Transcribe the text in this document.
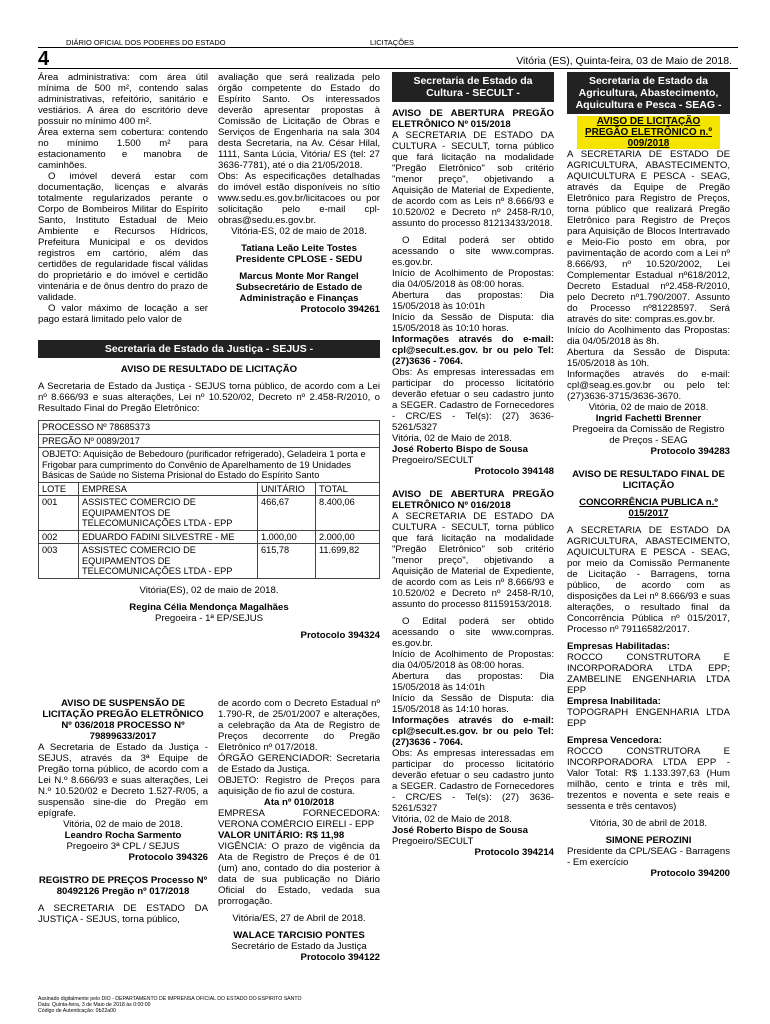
DIÁRIO OFICIAL DOS PODERES DO ESTADO	LICITAÇÕES
4	Vitória (ES), Quinta-feira, 03 de Maio de 2018.

Área administrativa: com área útil mínima de 500 m², contendo salas administrativas, refeitório, sanitário e vestiários. A área do escritório deve possuir no mínimo 400 m².

Área externa sem cobertura: contendo no mínimo 1.500 m² para estacionamento e manobra de caminhões.

O imóvel deverá estar com documentação, licenças e alvarás totalmente regularizados perante o Corpo de Bombeiros Militar do Espírito Santo, Instituto Estadual de Meio Ambiente e Recursos Hídricos, Prefeitura Municipal e os devidos registros em cartório, além das certidões de regularidade fiscal válidas do proprietário e do imóvel e certidão vintenária e de ônus dentro do prazo de validade.

O valor máximo de locação a ser pago estará limitado pelo valor de

avaliação que será realizada pelo órgão competente do Estado do Espírito Santo. Os interessados deverão apresentar propostas à Comissão de Licitação de Obras e Serviços de Engenharia na sala 304 desta Secretaria, na Av. César Hilal, 1111, Santa Lúcia, Vitória/ ES (tel: 27 3636-7781), até o dia 21/05/2018.

Obs: As especificações detalhadas do imóvel estão disponíveis no sítio www.sedu.es.gov.br/licitacoes ou por solicitação pelo e-mail cpl-obras@sedu.es.gov.br.

Vitória-ES, 02 de maio de 2018.

Tatiana Leão Leite Tostes

Presidente CPLOSE - SEDU

Marcus Monte Mor Rangel

Subsecretário de Estado de Administração e Finanças

Protocolo 394261

Secretaria de Estado da Justiça - SEJUS -

AVISO DE RESULTADO DE LICITAÇÃO

A Secretaria de Estado da Justiça - SEJUS torna público, de acordo com a Lei nº 8.666/93 e suas alterações, Lei nº 10.520/02, Decreto nº 2.458-R/2010, o Resultado Final do Pregão Eletrônico:

PROCESSO Nº 78685373			
PREGÃO Nº 0089/2017			
OBJETO: Aquisição de Bebedouro (purificador refrigerado), Geladeira 1 porta e Frigobar para cumprimento do Convênio de Aparelhamento de 19 Unidades Básicas de Saúde no Sistema Prisional do Estado do Espírito Santo			
LOTE	EMPRESA	UNITÁRIO	TOTAL
001	ASSISTEC COMERCIO DE EQUIPAMENTOS DE TELECOMUNICAÇÕES LTDA - EPP	466,67	8.400,06
002	EDUARDO FADINI SILVESTRE - ME	1.000,00	2.000,00
003	ASSISTEC COMERCIO DE EQUIPAMENTOS DE TELECOMUNICAÇÕES LTDA - EPP	615,78	11.699,82

Vitória(ES), 02 de maio de 2018.

Regina Célia Mendonça Magalhães

Pregoeira - 1ª EP/SEJUS

Protocolo 394324

AVISO DE SUSPENSÃO DE LICITAÇÃO PREGÃO ELETRÔNICO Nº 036/2018 PROCESSO Nº 79899633/2017

A Secretaria de Estado da Justiça - SEJUS, através da 3ª Equipe de Pregão torna público, de acordo com a Lei N.º 8.666/93 e suas alterações, Lei N.º 10.520/02 e Decreto 1.527-R/05, a suspensão sine-die do Pregão em epígrafe.

Vitória, 02 de maio de 2018.

Leandro Rocha Sarmento

Pregoeiro 3ª CPL / SEJUS

Protocolo 394326

REGISTRO DE PREÇOS Processo Nº 80492126 Pregão nº 017/2018

A SECRETARIA DE ESTADO DA JUSTIÇA - SEJUS, torna público,

de acordo com o Decreto Estadual nº 1.790-R, de 25/01/2007 e alterações, a celebração da Ata de Registro de Preços decorrente do Pregão Eletrônico nº 017/2018.

ÓRGÃO GERENCIADOR: Secretaria de Estado da Justiça.

OBJETO: Registro de Preços para aquisição de fio azul de costura.

Ata nº 010/2018

EMPRESA FORNECEDORA: VERONA COMÉRCIO EIRELI - EPP

VALOR UNITÁRIO: R$ 11,98

VIGÊNCIA: O prazo de vigência da Ata de Registro de Preços é de 01 (um) ano, contado do dia posterior à data de sua publicação no Diário Oficial do Estado, vedada sua prorrogação.

Vitória/ES, 27 de Abril de 2018.

WALACE TARCISIO PONTES

Secretário de Estado da Justiça

Protocolo 394122

Secretaria de Estado da Cultura - SECULT -

AVISO DE ABERTURA PREGÃO ELETRÔNICO Nº 015/2018

A SECRETARIA DE ESTADO DA CULTURA - SECULT, torna público que fará licitação na modalidade "Pregão Eletrônico" sob critério "menor preço", objetivando a Aquisição de Material de Expediente, de acordo com as Leis nº 8.666/93 e 10.520/02 e Decreto nº 2458-R/10, assunto do processo 81213433/2018.

O Edital poderá ser obtido acessando o site www.compras. es.gov.br.

Início de Acolhimento de Propostas: dia 04/05/2018 às 08:00 horas.

Abertura das propostas: Dia 15/05/2018 às 10:01h

Início da Sessão de Disputa: dia 15/05/2018 às 10:10 horas.

Informações através do e-mail: cpl@secult.es.gov. br ou pelo Tel: (27)3636 - 7064.

Obs: As empresas interessadas em participar do processo licitatório deverão efetuar o seu cadastro junto a SEGER. Cadastro de Fornecedores - CRC/ES - Tel(s): (27) 3636-5261/5327

Vitória, 02 de Maio de 2018.

José Roberto Bispo de Sousa

Pregoeiro/SECULT

Protocolo 394148

AVISO DE ABERTURA PREGÃO ELETRÔNICO Nº 016/2018

A SECRETARIA DE ESTADO DA CULTURA - SECULT, torna público que fará licitação na modalidade "Pregão Eletrônico" sob critério "menor preço", objetivando a Aquisição de Material de Expediente, de acordo com as Leis nº 8.666/93 e 10.520/02 e Decreto nº 2458-R/10, assunto do processo 81159153/2018.

O Edital poderá ser obtido acessando o site www.compras. es.gov.br.

Início de Acolhimento de Propostas: dia 04/05/2018 às 08:00 horas.

Abertura das propostas: Dia 15/05/2018 às 14:01h

Início da Sessão de Disputa: dia 15/05/2018 às 14:10 horas.

Informações através do e-mail: cpl@secult.es.gov. br ou pelo Tel: (27)3636 - 7064.

Obs: As empresas interessadas em participar do processo licitatório deverão efetuar o seu cadastro junto a SEGER. Cadastro de Fornecedores - CRC/ES - Tel(s): (27) 3636-5261/5327

Vitória, 02 de Maio de 2018.

José Roberto Bispo de Sousa

Pregoeiro/SECULT

Protocolo 394214

Secretaria de Estado da Agricultura, Abastecimento, Aquicultura e Pesca - SEAG -
AVISO DE LICITAÇÃO PREGÃO ELETRÔNICO n.º 009/2018

A SECRETARIA DE ESTADO DE AGRICULTURA, ABASTECIMENTO, AQUICULTURA E PESCA - SEAG, através da Equipe de Pregão Eletrônico para Registro de Preços, torna público que realizará Pregão Eletrônico para Registro de Preços para Aquisição de Blocos Intertravado e Meio-Fio posto em obra, por pavimentação de acordo com a Lei nº 8.666/93, nº 10.520/2002, Lei Complementar Estadual nº618/2012, Decreto Estadual nº2.458-R/2010, pelo Decreto nº1.790/2007. Assunto do Processo nº81228597. Será através do site: compras.es.gov.br.

Início do Acolhimento das Propostas: dia 04/05/2018 às 8h.

Abertura da Sessão de Disputa: 15/05/2018 às 10h.

Informações através do e-mail: cpl@seag.es.gov.br ou pelo tel: (27)3636-3715/3636-3670.

Vitória, 02 de maio de 2018.

Ingrid Fachetti Brenner

Pregoeira da Comissão de Registro de Preços - SEAG

Protocolo 394283

AVISO DE RESULTADO FINAL DE LICITAÇÃO

CONCORRÊNCIA PUBLICA n.º 015/2017

A SECRETARIA DE ESTADO DA AGRICULTURA, ABASTECIMENTO, AQUICULTURA E PESCA - SEAG, por meio da Comissão Permanente de Licitação - Barragens, torna público, de acordo com as disposições da Lei nº 8.666/93 e suas alterações, o resultado final da Concorrência Pública nº 015/2017, Processo nº 79116582/2017.

Empresas Habilitadas:

ROCCO CONSTRUTORA E INCORPORADORA LTDA EPP; ZAMBELINE ENGENHARIA LTDA EPP

Empresa Inabilitada:

TOPOGRAPH ENGENHARIA LTDA EPP

Empresa Vencedora:

ROCCO CONSTRUTORA E INCORPORADORA LTDA EPP - Valor Total: R$ 1.133.397,63 (Hum milhão, cento e trinta e três mil, trezentos e noventa e sete reais e sessenta e três centavos)

Vitória, 30 de abril de 2018.

SIMONE PEROZINI

Presidente da CPL/SEAG - Barragens - Em exercício

Protocolo 394200

Assinado digitalmente pelo DIO - DEPARTAMENTO DE IMPRENSA OFICIAL DO ESTADO DO ESPIRITO SANTO
Data: Quinta-feira, 3 de Maio de 2018 às 0:00:00
Código de Autenticação: 0b22a00
